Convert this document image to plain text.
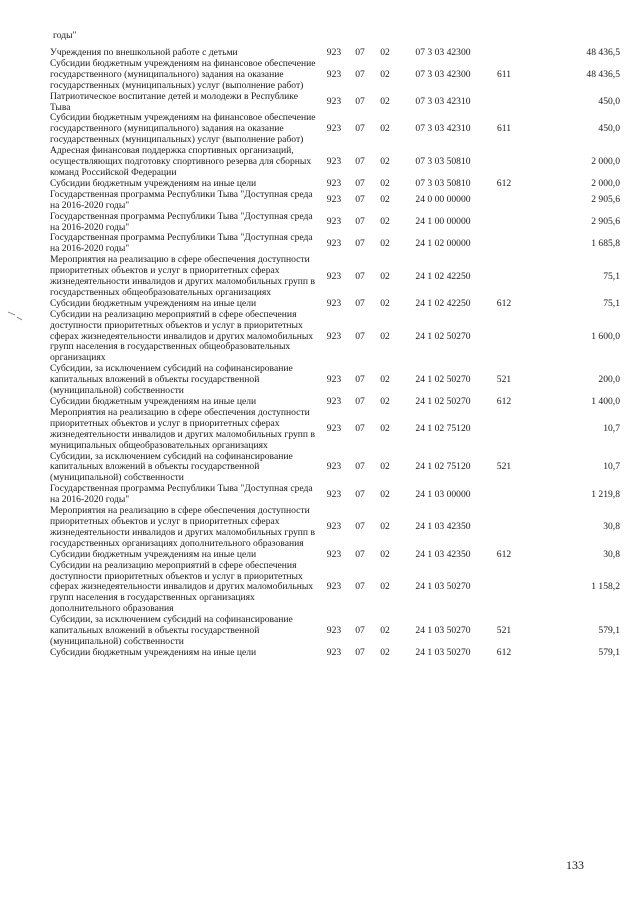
годы"
Учреждения по внешкольной работе с детьми	923	07	02	07 3 03 42300		48 436,5
Субсидии бюджетным учреждениям на финансовое обеспечение государственного (муниципального) задания на оказание государственных (муниципальных) услуг (выполнение работ)	923	07	02	07 3 03 42300	611	48 436,5
Патриотическое воспитание детей и молодежи в Республике Тыва	923	07	02	07 3 03 42310		450,0
Субсидии бюджетным учреждениям на финансовое обеспечение государственного (муниципального) задания на оказание государственных (муниципальных) услуг (выполнение работ)	923	07	02	07 3 03 42310	611	450,0
Адресная финансовая поддержка спортивных организаций, осуществляющих подготовку спортивного резерва для сборных команд Российской Федерации	923	07	02	07 3 03 50810		2 000,0
Субсидии бюджетным учреждениям на иные цели	923	07	02	07 3 03 50810	612	2 000,0
Государственная программа Республики Тыва "Доступная среда на 2016-2020 годы"	923	07	02	24 0 00 00000		2 905,6
Государственная программа Республики Тыва "Доступная среда на 2016-2020 годы"	923	07	02	24 1 00 00000		2 905,6
Государственная программа Республики Тыва "Доступная среда на 2016-2020 годы"	923	07	02	24 1 02 00000		1 685,8
Мероприятия на реализацию в сфере обеспечения доступности приоритетных объектов и услуг в приоритетных сферах жизнедеятельности инвалидов и других маломобильных групп в государственных общеобразовательных организациях	923	07	02	24 1 02 42250		75,1
Субсидии бюджетным учреждениям на иные цели	923	07	02	24 1 02 42250	612	75,1
Субсидии на реализацию мероприятий в сфере обеспечения доступности приоритетных объектов и услуг в приоритетных сферах жизнедеятельности инвалидов и других маломобильных групп населения в государственных общеобразовательных организациях	923	07	02	24 1 02 50270		1 600,0
Субсидии, за исключением субсидий на софинансирование капитальных вложений в объекты государственной (муниципальной) собственности	923	07	02	24 1 02 50270	521	200,0
Субсидии бюджетным учреждениям на иные цели	923	07	02	24 1 02 50270	612	1 400,0
Мероприятия на реализацию в сфере обеспечения доступности приоритетных объектов и услуг в приоритетных сферах жизнедеятельности инвалидов и других маломобильных групп в муниципальных общеобразовательных организациях	923	07	02	24 1 02 75120		10,7
Субсидии, за исключением субсидий на софинансирование капитальных вложений в объекты государственной (муниципальной) собственности	923	07	02	24 1 02 75120	521	10,7
Государственная программа Республики Тыва "Доступная среда на 2016-2020 годы"	923	07	02	24 1 03 00000		1 219,8
Мероприятия на реализацию в сфере обеспечения доступности приоритетных объектов и услуг в приоритетных сферах жизнедеятельности инвалидов и других маломобильных групп в государственных организациях дополнительного образования	923	07	02	24 1 03 42350		30,8
Субсидии бюджетным учреждениям на иные цели	923	07	02	24 1 03 42350	612	30,8
Субсидии на реализацию мероприятий в сфере обеспечения доступности приоритетных объектов и услуг в приоритетных сферах жизнедеятельности инвалидов и других маломобильных групп населения в государственных организациях дополнительного образования	923	07	02	24 1 03 50270		1 158,2
Субсидии, за исключением субсидий на софинансирование капитальных вложений в объекты государственной (муниципальной) собственности	923	07	02	24 1 03 50270	521	579,1
Субсидии бюджетным учреждениям на иные цели	923	07	02	24 1 03 50270	612	579,1
133
